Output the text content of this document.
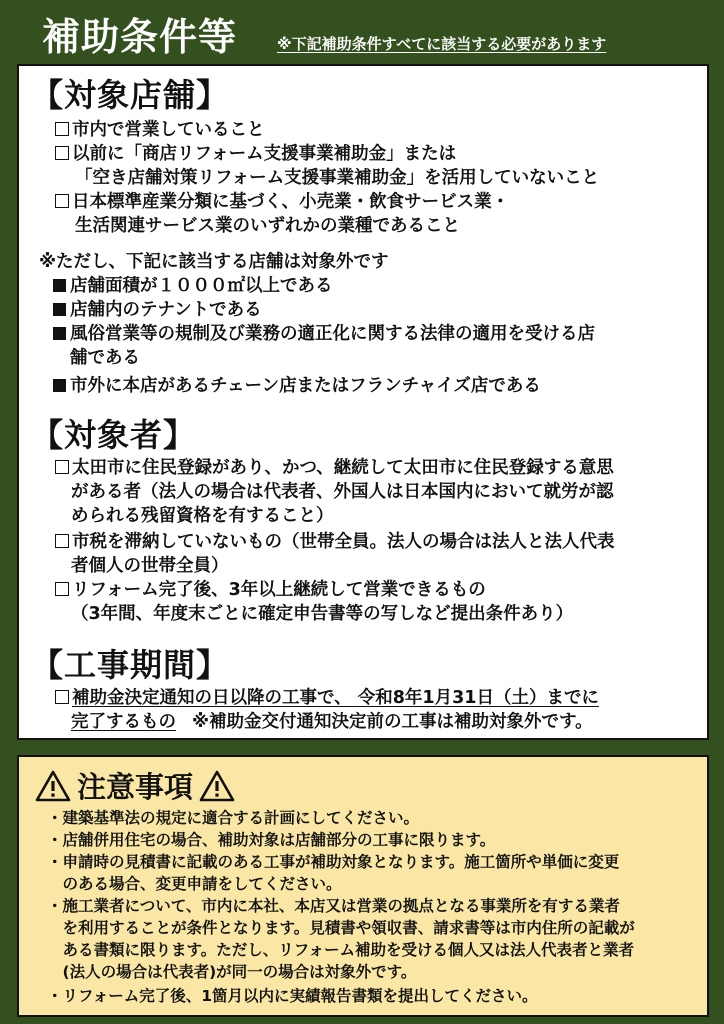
補助条件等	※下記補助条件すべてに該当する必要があります
【対象店舗】
市内で営業していること
以前に「商店リフォーム支援事業補助金」または
「空き店舗対策リフォーム支援事業補助金」を活用していないこと
日本標準産業分類に基づく、小売業・飲食サービス業・
生活関連サービス業のいずれかの業種であること
※ただし、下記に該当する店舗は対象外です
店舗面積が１０００㎡以上である
店舗内のテナントである
風俗営業等の規制及び業務の適正化に関する法律の適用を受ける店
舗である
市外に本店があるチェーン店またはフランチャイズ店である
【対象者】
太田市に住民登録があり、かつ、継続して太田市に住民登録する意思
がある者（法人の場合は代表者、外国人は日本国内において就労が認
められる残留資格を有すること）
市税を滞納していないもの（世帯全員。法人の場合は法人と法人代表
者個人の世帯全員）
リフォーム完了後、3年以上継続して営業できるもの
（3年間、年度末ごとに確定申告書等の写しなど提出条件あり）
【工事期間】
補助金決定通知の日以降の工事で、 令和8年1月31日（土）までに
完了するもの ※補助金交付通知決定前の工事は補助対象外です。
注意事項
・建築基準法の規定に適合する計画にしてください。
・店舗併用住宅の場合、補助対象は店舗部分の工事に限ります。
・申請時の見積書に記載のある工事が補助対象となります。施工箇所や単価に変更
　のある場合、変更申請をしてください。
・施工業者について、市内に本社、本店又は営業の拠点となる事業所を有する業者
　を利用することが条件となります。見積書や領収書、請求書等は市内住所の記載が
　ある書類に限ります。ただし、リフォーム補助を受ける個人又は法人代表者と業者
　(法人の場合は代表者)が同一の場合は対象外です。
・リフォーム完了後、1箇月以内に実績報告書類を提出してください。
